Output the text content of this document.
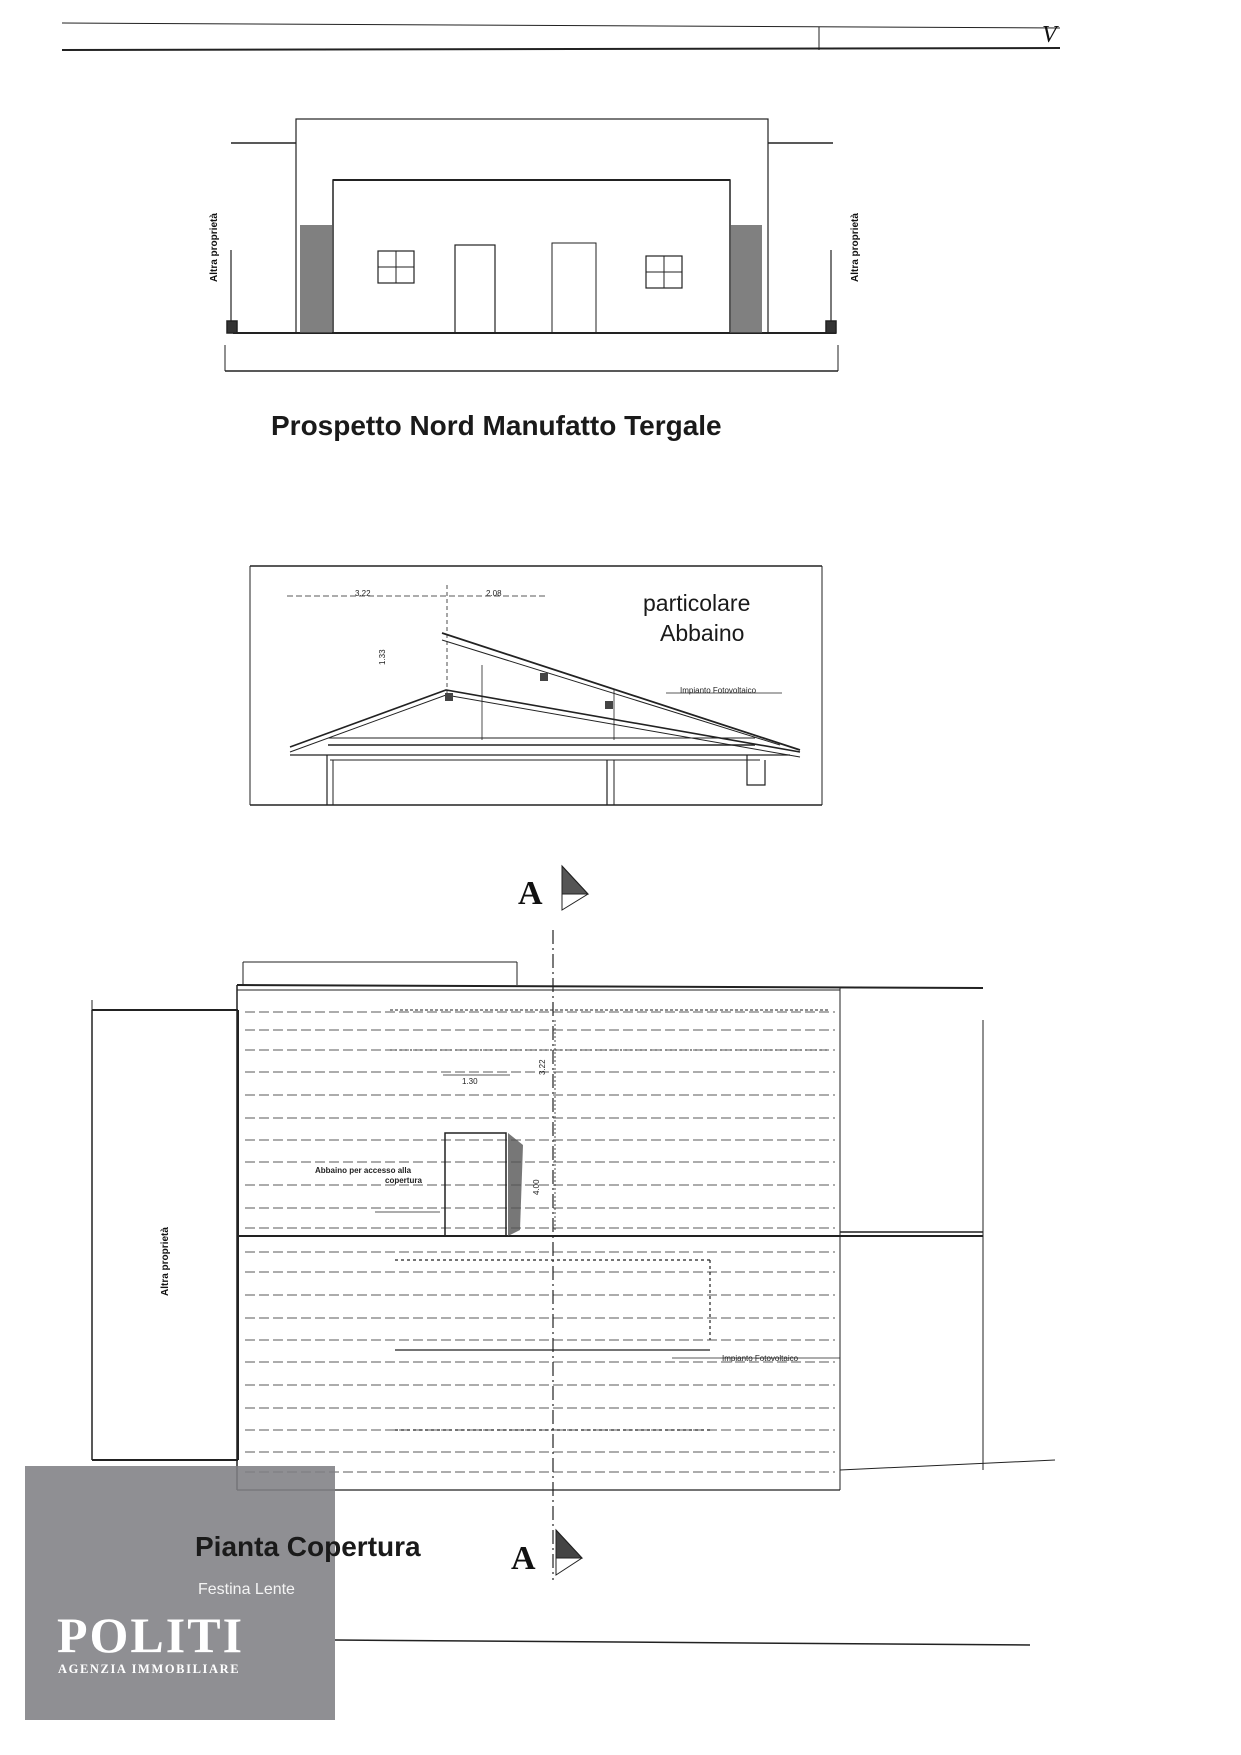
V
Altra proprietà	Altra proprietà
Prospetto Nord Manufatto Tergale
particolare
Abbaino
Impianto Fotovoltaico
3.22	2.08
1.33
A
A
Altra proprietà
Abbaino per accesso alla
copertura
Impianto Fotovoltaico
3.22
1.30
4.00
Festina Lente
POLITI
AGENZIA IMMOBILIARE
Pianta Copertura
